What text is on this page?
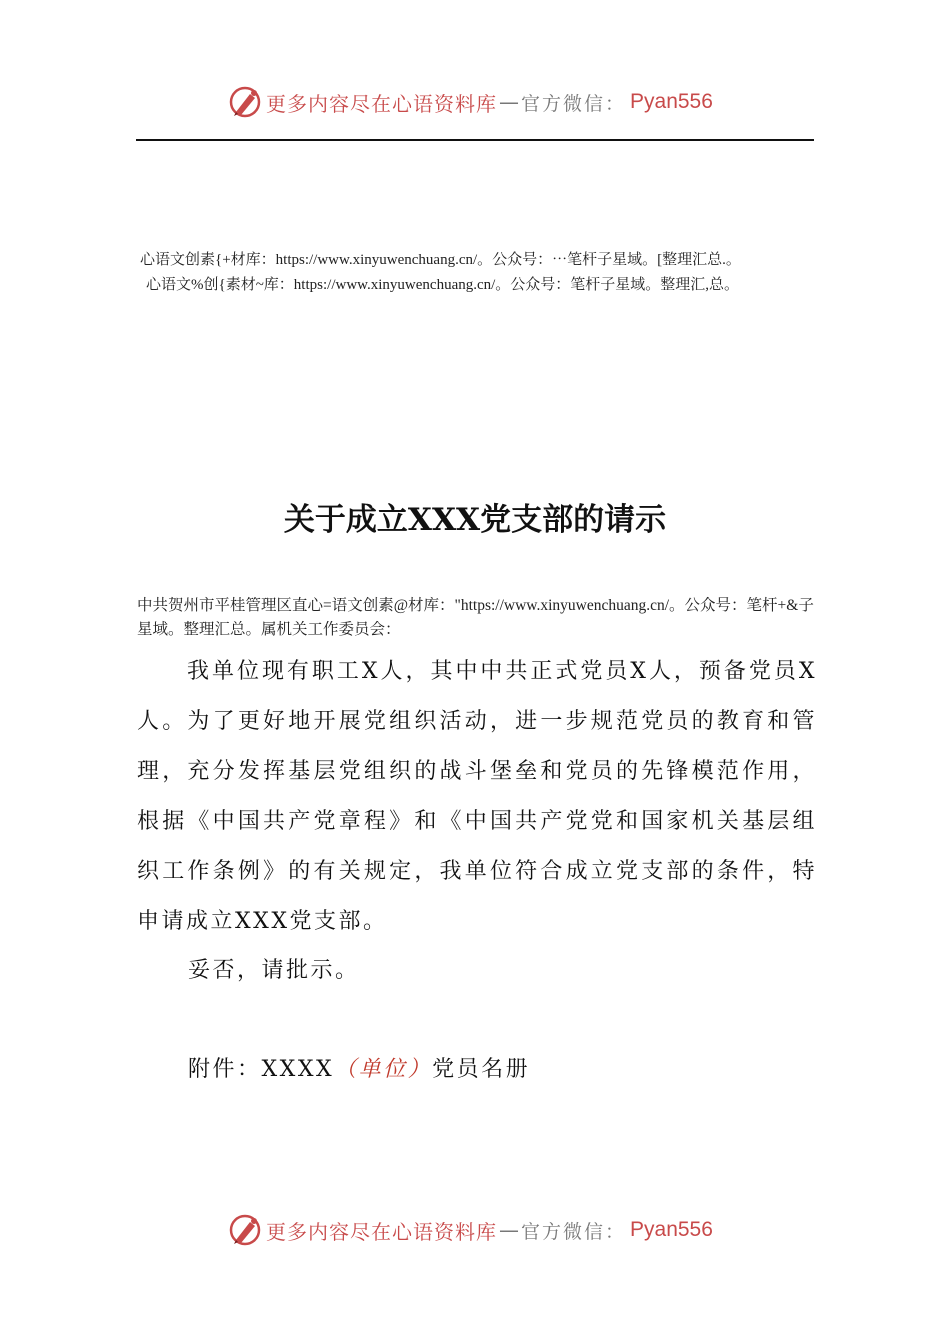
更多内容尽在心语资料库 — 官方微信： Pyan556
心语文创素{+材库：https://www.xinyuwenchuang.cn/。公众号：⋯笔杆子星域。[整理汇总.。
心语文%创{素材~库：https://www.xinyuwenchuang.cn/。公众号：笔杆子星域。整理汇,总。
关于成立XXX党支部的请示
中共贺州市平桂管理区直心=语文创素@材库："https://www.xinyuwenchuang.cn/。公众号：笔杆+&子星域。整理汇总。属机关工作委员会：
我单位现有职工X人，其中中共正式党员X人，预备党员X人。为了更好地开展党组织活动，进一步规范党员的教育和管理，充分发挥基层党组织的战斗堡垒和党员的先锋模范作用，根据《中国共产党章程》和《中国共产党党和国家机关基层组织工作条例》的有关规定，我单位符合成立党支部的条件，特申请成立XXX党支部。
妥否，请批示。
附件：XXXX（单位）党员名册
更多内容尽在心语资料库 — 官方微信： Pyan556
